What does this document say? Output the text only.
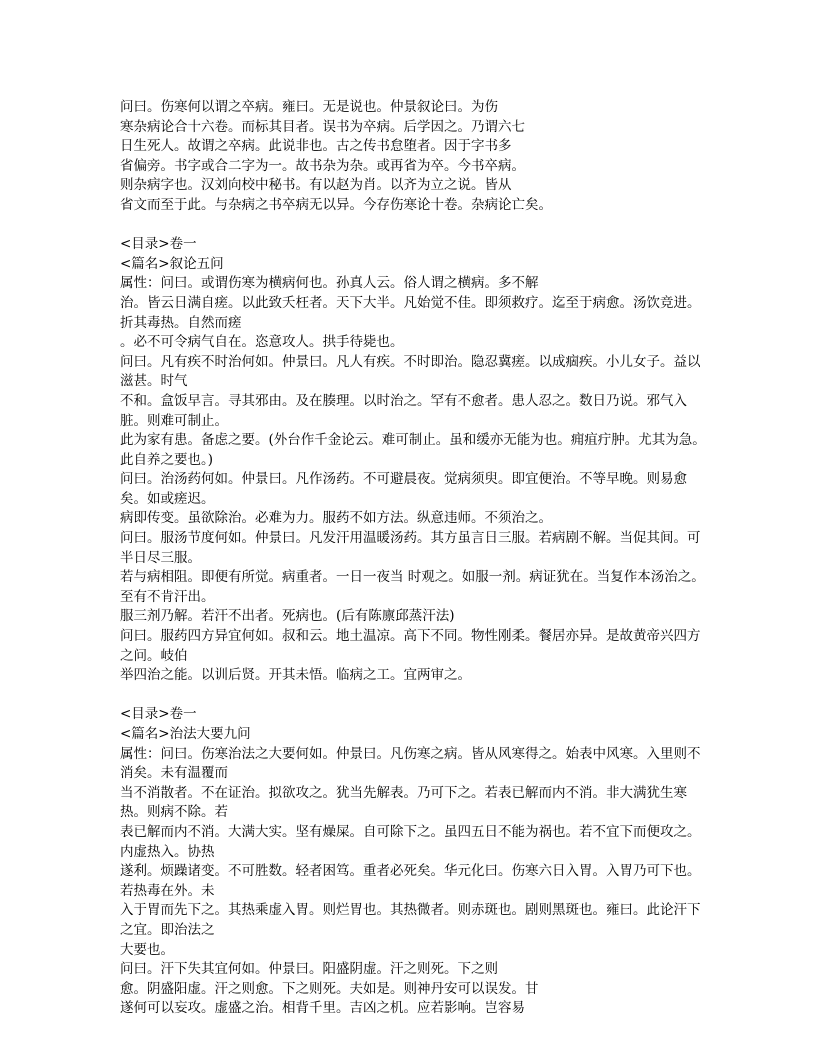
问曰。伤寒何以谓之卒病。雍曰。无是说也。仲景叙论曰。为伤
寒杂病论合十六卷。而标其目者。误书为卒病。后学因之。乃谓六七
日生死人。故谓之卒病。此说非也。古之传书怠堕者。因于字书多
省偏旁。书字或合二字为一。故书杂为杂。或再省为卒。今书卒病。
则杂病字也。汉刘向校中秘书。有以赵为肖。以齐为立之说。皆从
省文而至于此。与杂病之书卒病无以异。今存伤寒论十卷。杂病论亡矣。
<目录>卷一
<篇名>叙论五问
属性：问曰。或谓伤寒为横病何也。孙真人云。俗人谓之横病。多不解
治。皆云日满自瘥。以此致夭枉者。天下大半。凡始觉不佳。即须救疗。迄至于病愈。汤饮竞进。折其毒热。自然而瘥
。必不可令病气自在。恣意攻人。拱手待毙也。
问曰。凡有疾不时治何如。仲景曰。凡人有疾。不时即治。隐忍冀瘥。以成痼疾。小儿女子。益以滋甚。时气
不和。盒饭早言。寻其邪由。及在腠理。以时治之。罕有不愈者。患人忍之。数日乃说。邪气入脏。则难可制止。
此为家有患。备虑之要。(外台作千金论云。难可制止。虽和缓亦无能为也。痈疽疔肿。尤其为急。此自养之要也。)
问曰。治汤药何如。仲景曰。凡作汤药。不可避晨夜。觉病须臾。即宜便治。不等早晚。则易愈矣。如或瘥迟。
病即传变。虽欲除治。必难为力。服药不如方法。纵意违师。不须治之。
问曰。服汤节度何如。仲景曰。凡发汗用温暖汤药。其方虽言日三服。若病剧不解。当促其间。可半日尽三服。
若与病相阻。即便有所觉。病重者。一日一夜当 时观之。如服一剂。病证犹在。当复作本汤治之。至有不肯汗出。
服三剂乃解。若汗不出者。死病也。(后有陈廪邱蒸汗法)
问曰。服药四方异宜何如。叔和云。地土温凉。高下不同。物性刚柔。餐居亦异。是故黄帝兴四方之问。岐伯
举四治之能。以训后贤。开其未悟。临病之工。宜两审之。
<目录>卷一
<篇名>治法大要九问
属性：问曰。伤寒治法之大要何如。仲景曰。凡伤寒之病。皆从风寒得之。始表中风寒。入里则不消矣。未有温覆而
当不消散者。不在证治。拟欲攻之。犹当先解表。乃可下之。若表已解而内不消。非大满犹生寒热。则病不除。若
表已解而内不消。大满大实。坚有燥屎。自可除下之。虽四五日不能为祸也。若不宜下而便攻之。内虚热入。协热
遂利。烦躁诸变。不可胜数。轻者困笃。重者必死矣。华元化曰。伤寒六日入胃。入胃乃可下也。若热毒在外。未
入于胃而先下之。其热乘虚入胃。则烂胃也。其热微者。则赤斑也。剧则黑斑也。雍曰。此论汗下之宜。即治法之
大要也。
问曰。汗下失其宜何如。仲景曰。阳盛阴虚。汗之则死。下之则
愈。阴盛阳虚。汗之则愈。下之则死。夫如是。则神丹安可以误发。甘
遂何可以妄攻。虚盛之治。相背千里。吉凶之机。应若影响。岂容易
